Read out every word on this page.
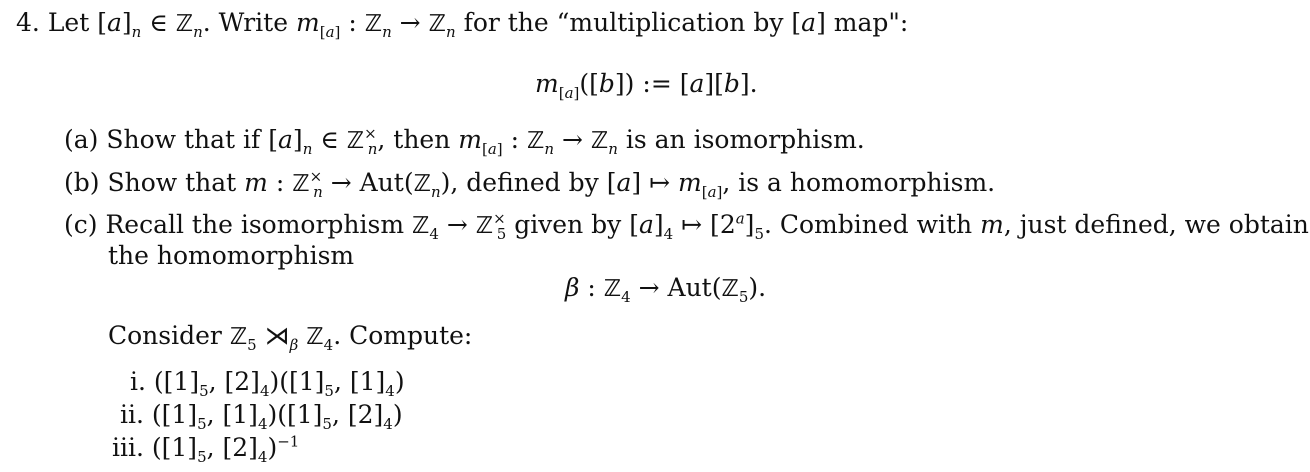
4. Let $[a]_n$ ∈ ℤ$_n$. Write $m_{[a]}$ : ℤ$_n$ → ℤ$_n$ for the “multiplication by [a] map":
$m_{[a]}([b])$ := [a][b].
(a) Show that if $[a]_n$ ∈ ℤ×$_n$, then $m_{[a]}$ : ℤ$_n$ → ℤ$_n$ is an isomorphism.
(b) Show that m : ℤ×$_n$ → Aut(ℤ$_n$), defined by [a] ↦ $m_{[a]}$, is a homomorphism.
(c) Recall the isomorphism ℤ$_4$ → ℤ×$_5$ given by $[a]_4$ ↦ $[2^a]_5$. Combined with m, just defined, we obtain
the homomorphism
β : ℤ$_4$ → Aut(ℤ$_5$).
Consider ℤ$_5$ $⋊_\beta$ ℤ$_4$. Compute:
i. ($[1]_5$, $[2]_4)([1]_5$, $[1]_4$)
ii. ($[1]_5$, $[1]_4)([1]_5$, $[2]_4$)
iii. ($[1]_5$, $[2]_4)^{-1}$
